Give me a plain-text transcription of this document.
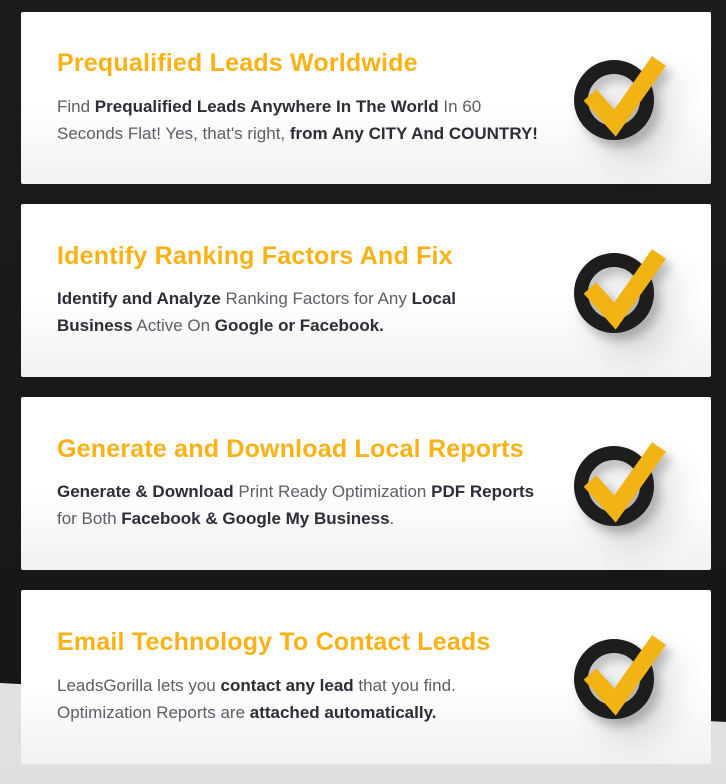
Prequalified Leads Worldwide

Find Prequalified Leads Anywhere In The World In 60
Seconds Flat! Yes, that's right, from Any CITY And COUNTRY!

Identify Ranking Factors And Fix

Identify and Analyze Ranking Factors for Any Local
Business Active On Google or Facebook.

Generate and Download Local Reports

Generate & Download Print Ready Optimization PDF Reports
for Both Facebook & Google My Business.

Email Technology To Contact Leads

LeadsGorilla lets you contact any lead that you find.
Optimization Reports are attached automatically.
